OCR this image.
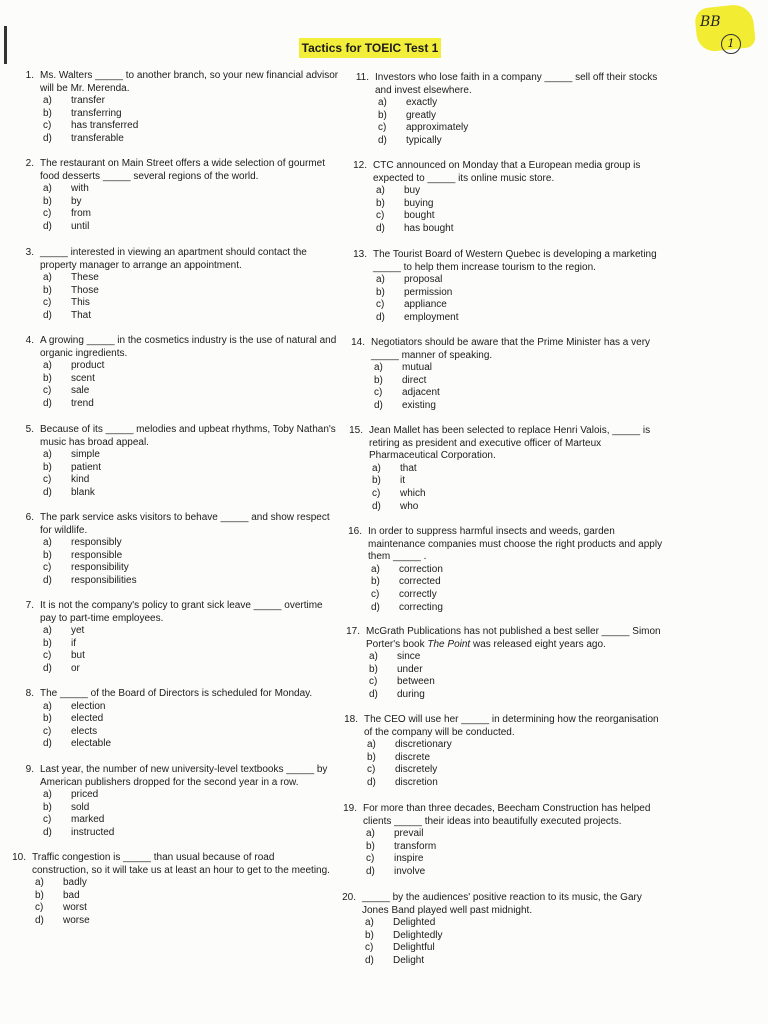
BB
1
Tactics for TOEIC Test 1
1. Ms. Walters _____ to another branch, so your new financial advisor will be Mr. Merenda.
a)	transfer
b)	transferring
c)	has transferred
d)	transferable
2. The restaurant on Main Street offers a wide selection of gourmet food desserts _____ several regions of the world.
a)	with
b)	by
c)	from
d)	until
3. _____ interested in viewing an apartment should contact the property manager to arrange an appointment.
a)	These
b)	Those
c)	This
d)	That
4. A growing _____ in the cosmetics industry is the use of natural and organic ingredients.
a)	product
b)	scent
c)	sale
d)	trend
5. Because of its _____ melodies and upbeat rhythms, Toby Nathan's music has broad appeal.
a)	simple
b)	patient
c)	kind
d)	blank
6. The park service asks visitors to behave _____ and show respect for wildlife.
a)	responsibly
b)	responsible
c)	responsibility
d)	responsibilities
7. It is not the company's policy to grant sick leave _____ overtime pay to part-time employees.
a)	yet
b)	if
c)	but
d)	or
8. The _____ of the Board of Directors is scheduled for Monday.
a)	election
b)	elected
c)	elects
d)	electable
9. Last year, the number of new university-level textbooks _____ by American publishers dropped for the second year in a row.
a)	priced
b)	sold
c)	marked
d)	instructed
10. Traffic congestion is _____ than usual because of road construction, so it will take us at least an hour to get to the meeting.
a)	badly
b)	bad
c)	worst
d)	worse
11. Investors who lose faith in a company _____ sell off their stocks and invest elsewhere.
a)	exactly
b)	greatly
c)	approximately
d)	typically
12. CTC announced on Monday that a European media group is expected to _____ its online music store.
a)	buy
b)	buying
c)	bought
d)	has bought
13. The Tourist Board of Western Quebec is developing a marketing _____ to help them increase tourism to the region.
a)	proposal
b)	permission
c)	appliance
d)	employment
14. Negotiators should be aware that the Prime Minister has a very _____ manner of speaking.
a)	mutual
b)	direct
c)	adjacent
d)	existing
15. Jean Mallet has been selected to replace Henri Valois, _____ is retiring as president and executive officer of Marteux Pharmaceutical Corporation.
a)	that
b)	it
c)	which
d)	who
16. In order to suppress harmful insects and weeds, garden maintenance companies must choose the right products and apply them _____ .
a)	correction
b)	corrected
c)	correctly
d)	correcting
17. McGrath Publications has not published a best seller _____ Simon Porter's book The Point was released eight years ago.
a)	since
b)	under
c)	between
d)	during
18. The CEO will use her _____ in determining how the reorganisation of the company will be conducted.
a)	discretionary
b)	discrete
c)	discretely
d)	discretion
19. For more than three decades, Beecham Construction has helped clients _____ their ideas into beautifully executed projects.
a)	prevail
b)	transform
c)	inspire
d)	involve
20. _____ by the audiences' positive reaction to its music, the Gary Jones Band played well past midnight.
a)	Delighted
b)	Delightedly
c)	Delightful
d)	Delight
